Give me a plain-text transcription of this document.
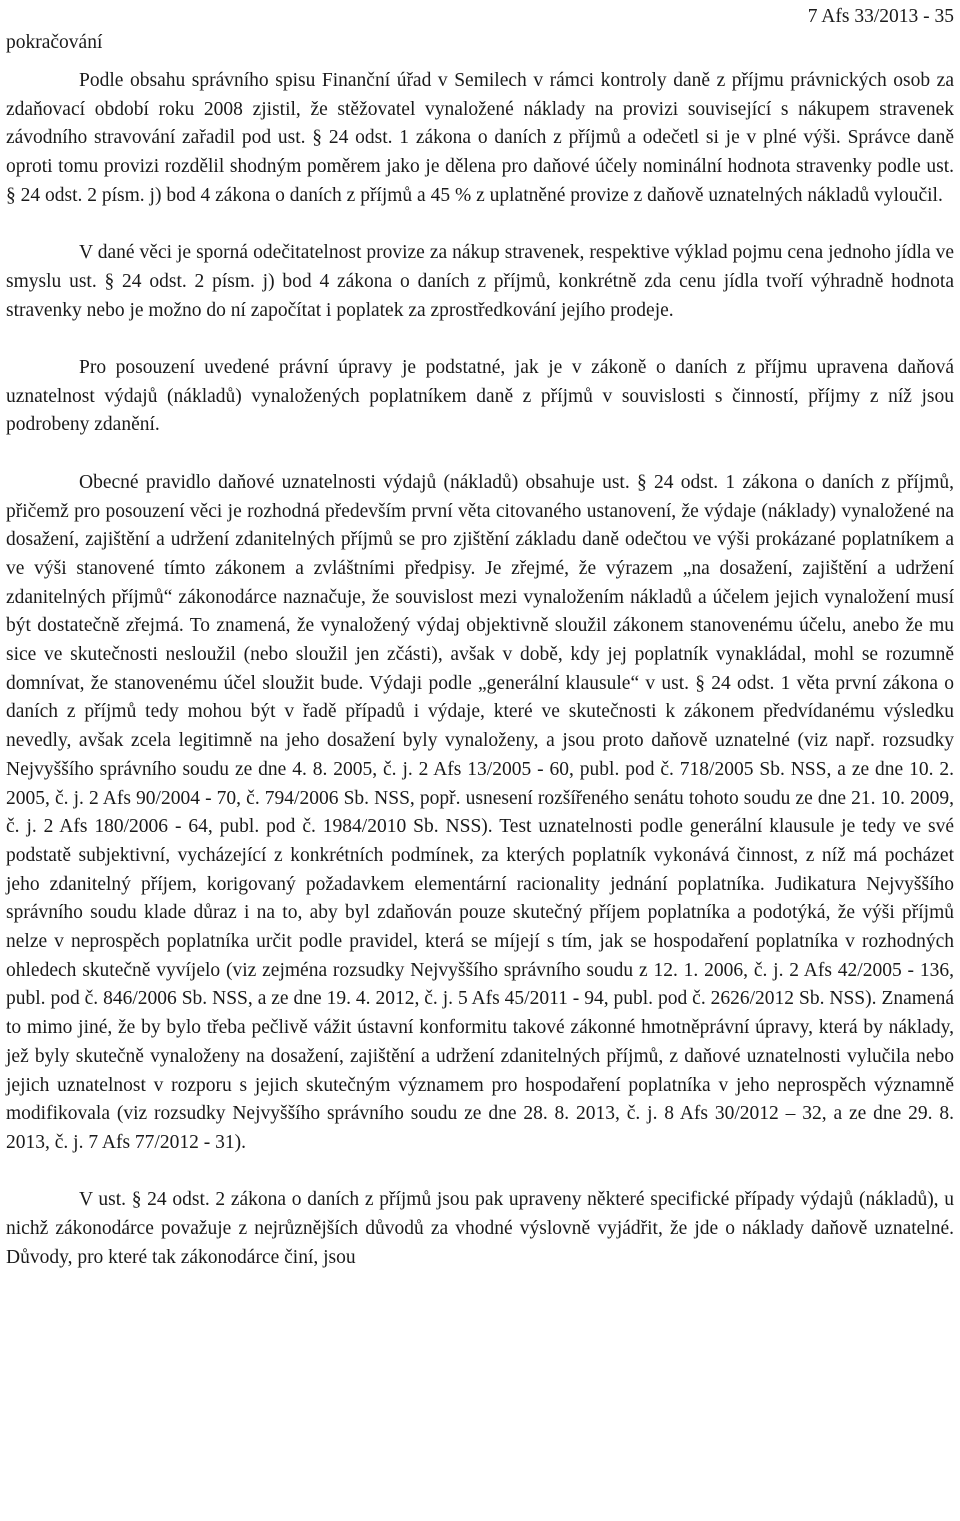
pokračování
7 Afs 33/2013 - 35

Podle obsahu správního spisu Finanční úřad v Semilech v rámci kontroly daně z příjmu právnických osob za zdaňovací období roku 2008 zjistil, že stěžovatel vynaložené náklady na provizi související s nákupem stravenek závodního stravování zařadil pod ust. § 24 odst. 1 zákona o daních z příjmů a odečetl si je v plné výši. Správce daně oproti tomu provizi rozdělil shodným poměrem jako je dělena pro daňové účely nominální hodnota stravenky podle ust. § 24 odst. 2 písm. j) bod 4 zákona o daních z příjmů a 45 % z uplatněné provize z daňově uznatelných nákladů vyloučil.

V dané věci je sporná odečitatelnost provize za nákup stravenek, respektive výklad pojmu cena jednoho jídla ve smyslu ust. § 24 odst. 2 písm. j) bod 4 zákona o daních z příjmů, konkrétně zda cenu jídla tvoří výhradně hodnota stravenky nebo je možno do ní započítat i poplatek za zprostředkování jejího prodeje.

Pro posouzení uvedené právní úpravy je podstatné, jak je v zákoně o daních z příjmu upravena daňová uznatelnost výdajů (nákladů) vynaložených poplatníkem daně z příjmů v souvislosti s činností, příjmy z níž jsou podrobeny zdanění.

Obecné pravidlo daňové uznatelnosti výdajů (nákladů) obsahuje ust. § 24 odst. 1 zákona o daních z příjmů, přičemž pro posouzení věci je rozhodná především první věta citovaného ustanovení, že výdaje (náklady) vynaložené na dosažení, zajištění a udržení zdanitelných příjmů se pro zjištění základu daně odečtou ve výši prokázané poplatníkem a ve výši stanovené tímto zákonem a zvláštními předpisy. Je zřejmé, že výrazem „na dosažení, zajištění a udržení zdanitelných příjmů“ zákonodárce naznačuje, že souvislost mezi vynaložením nákladů a účelem jejich vynaložení musí být dostatečně zřejmá. To znamená, že vynaložený výdaj objektivně sloužil zákonem stanovenému účelu, anebo že mu sice ve skutečnosti nesloužil (nebo sloužil jen zčásti), avšak v době, kdy jej poplatník vynakládal, mohl se rozumně domnívat, že stanovenému účel sloužit bude. Výdaji podle „generální klausule“ v ust. § 24 odst. 1 věta první zákona o daních z příjmů tedy mohou být v řadě případů i výdaje, které ve skutečnosti k zákonem předvídanému výsledku nevedly, avšak zcela legitimně na jeho dosažení byly vynaloženy, a jsou proto daňově uznatelné (viz např. rozsudky Nejvyššího správního soudu ze dne 4. 8. 2005, č. j. 2 Afs 13/2005 - 60, publ. pod č. 718/2005 Sb. NSS, a ze dne 10. 2. 2005, č. j. 2 Afs 90/2004 - 70, č. 794/2006 Sb. NSS, popř. usnesení rozšířeného senátu tohoto soudu ze dne 21. 10. 2009, č. j. 2 Afs 180/2006 - 64, publ. pod č. 1984/2010 Sb. NSS). Test uznatelnosti podle generální klausule je tedy ve své podstatě subjektivní, vycházející z konkrétních podmínek, za kterých poplatník vykonává činnost, z níž má pocházet jeho zdanitelný příjem, korigovaný požadavkem elementární racionality jednání poplatníka. Judikatura Nejvyššího správního soudu klade důraz i na to, aby byl zdaňován pouze skutečný příjem poplatníka a podotýká, že výši příjmů nelze v neprospěch poplatníka určit podle pravidel, která se míjejí s tím, jak se hospodaření poplatníka v rozhodných ohledech skutečně vyvíjelo (viz zejména rozsudky Nejvyššího správního soudu z 12. 1. 2006, č. j. 2 Afs 42/2005 - 136, publ. pod č. 846/2006 Sb. NSS, a ze dne 19. 4. 2012, č. j. 5 Afs 45/2011 - 94, publ. pod č. 2626/2012 Sb. NSS). Znamená to mimo jiné, že by bylo třeba pečlivě vážit ústavní konformitu takové zákonné hmotněprávní úpravy, která by náklady, jež byly skutečně vynaloženy na dosažení, zajištění a udržení zdanitelných příjmů, z daňové uznatelnosti vylučila nebo jejich uznatelnost v rozporu s jejich skutečným významem pro hospodaření poplatníka v jeho neprospěch významně modifikovala (viz rozsudky Nejvyššího správního soudu ze dne 28. 8. 2013, č. j. 8 Afs 30/2012 – 32, a ze dne 29. 8. 2013, č. j. 7 Afs 77/2012 - 31).

V ust. § 24 odst. 2 zákona o daních z příjmů jsou pak upraveny některé specifické případy výdajů (nákladů), u nichž zákonodárce považuje z nejrůznějších důvodů za vhodné výslovně vyjádřit, že jde o náklady daňově uznatelné. Důvody, pro které tak zákonodárce činí, jsou
